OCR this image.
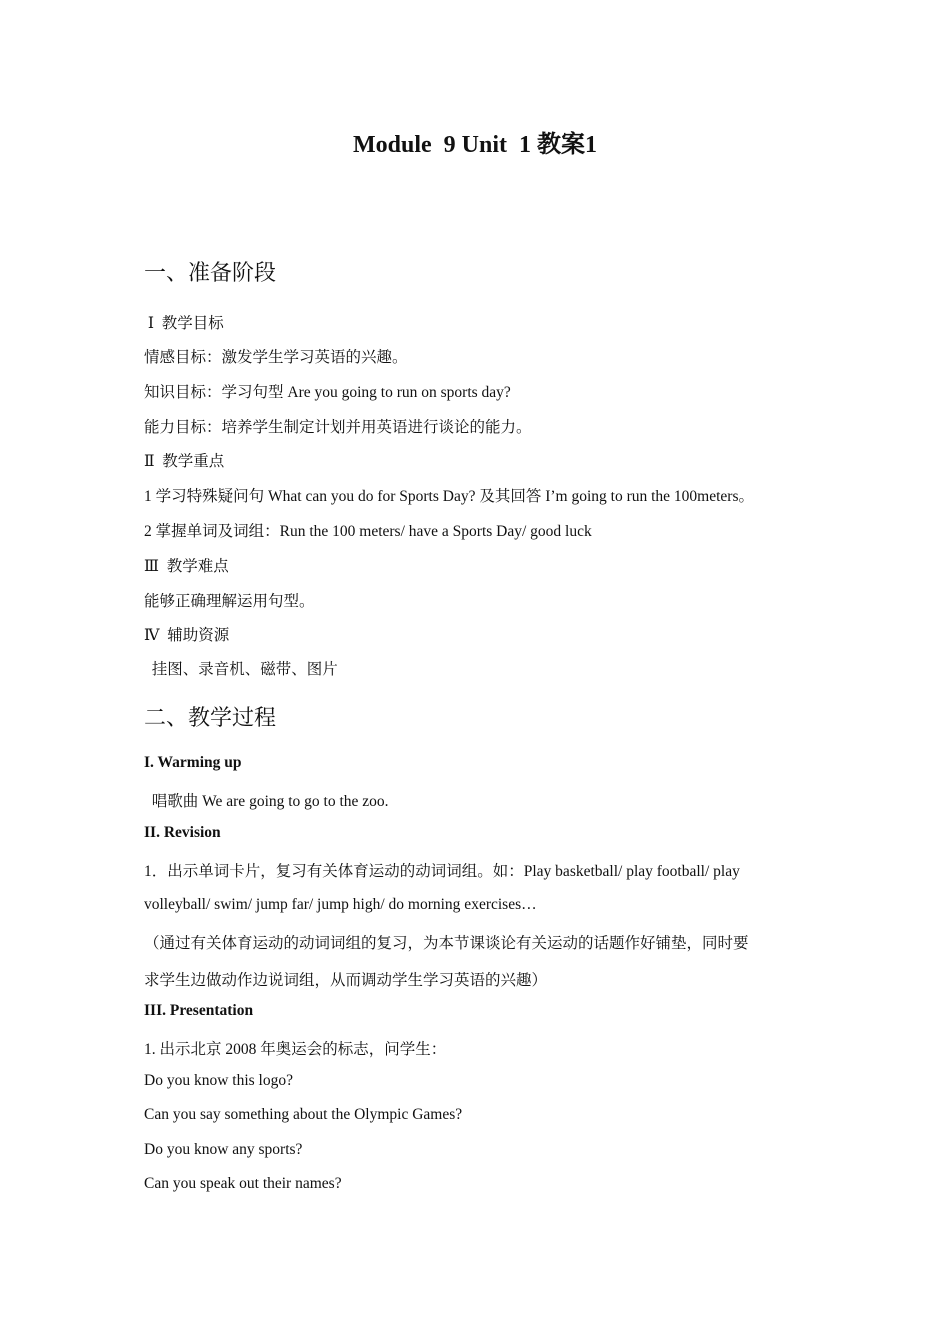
Module  9 Unit  1 教案1
一、准备阶段
Ⅰ  教学目标
情感目标：激发学生学习英语的兴趣。
知识目标：学习句型 Are you going to run on sports day?
能力目标：培养学生制定计划并用英语进行谈论的能力。
Ⅱ  教学重点
1 学习特殊疑问句 What can you do for Sports Day? 及其回答 I’m going to run the 100meters。
2 掌握单词及词组：Run the 100 meters/ have a Sports Day/ good luck
Ⅲ  教学难点
能够正确理解运用句型。
Ⅳ  辅助资源
挂图、录音机、磁带、图片
二、教学过程
I. Warming up
唱歌曲 We are going to go to the zoo.
II. Revision
1．出示单词卡片，复习有关体育运动的动词词组。如：Play basketball/ play football/ play
volleyball/ swim/ jump far/ jump high/ do morning exercises…
（通过有关体育运动的动词词组的复习，为本节课谈论有关运动的话题作好铺垫，同时要
求学生边做动作边说词组，从而调动学生学习英语的兴趣）
III. Presentation
1. 出示北京 2008 年奥运会的标志，问学生：
Do you know this logo?
Can you say something about the Olympic Games?
Do you know any sports?
Can you speak out their names?
